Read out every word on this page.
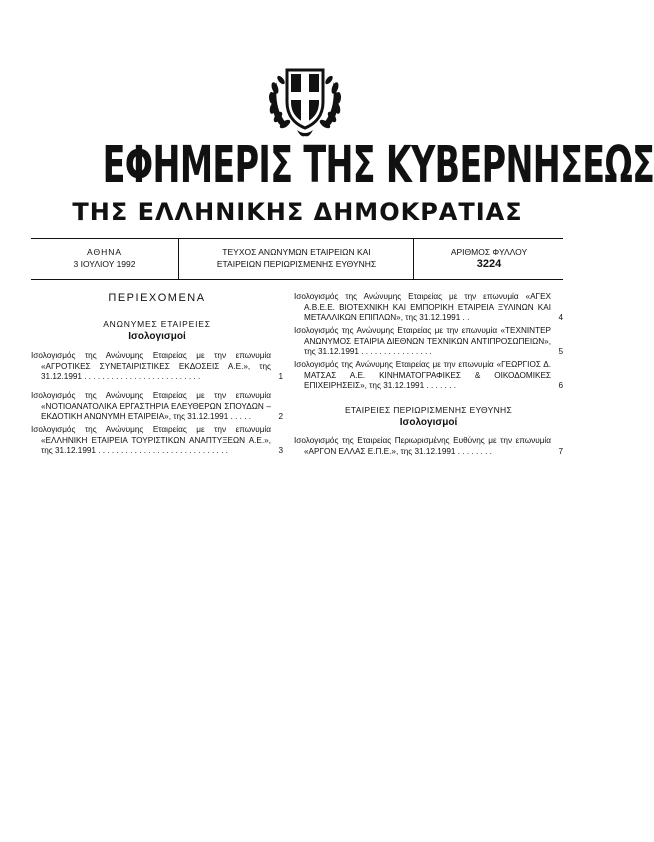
ΕΦΗΜΕΡΙΣ ΤΗΣ ΚΥΒΕΡΝΗΣΕΩΣ
ΤΗΣ ΕΛΛΗΝΙΚΗΣ ΔΗΜΟΚΡΑΤΙΑΣ
ΑΘΗΝΑ
3 ΙΟΥΛΙΟΥ 1992
ΤΕΥΧΟΣ ΑΝΩΝΥΜΩΝ ΕΤΑΙΡΕΙΩΝ ΚΑΙ
ΕΤΑΙΡΕΙΩΝ ΠΕΡΙΩΡΙΣΜΕΝΗΣ ΕΥΘΥΝΗΣ
ΑΡΙΘΜΟΣ ΦΥΛΛΟΥ
3224
ΠΕΡΙΕΧΟΜΕΝΑ
ΑΝΩΝΥΜΕΣ ΕΤΑΙΡΕΙΕΣ
Ισολογισμοί
Ισολογισμός της Ανώνυμης Εταιρείας με την επωνυμία «ΑΓΡΟΤΙΚΕΣ ΣΥΝΕΤΑΙΡΙΣΤΙΚΕΣ ΕΚΔΟΣΕΙΣ Α.Ε.», της 31.12.1991 . . . . . . . . . . . . . . . . . . . . . . . . . .	1
Ισολογισμός της Ανώνυμης Εταιρείας με την επωνυμία «ΝΟΤΙΟΑΝΑΤΟΛΙΚΑ ΕΡΓΑΣΤΗΡΙΑ ΕΛΕΥΘΕΡΩΝ ΣΠΟΥΔΩΝ – ΕΚΔΟΤΙΚΗ ΑΝΩΝΥΜΗ ΕΤΑΙΡΕΙΑ», της 31.12.1991 . . . . .	2
Ισολογισμός της Ανώνυμης Εταιρείας με την επωνυμία «ΕΛΛΗΝΙΚΗ ΕΤΑΙΡΕΙΑ ΤΟΥΡΙΣΤΙΚΩΝ ΑΝΑΠΤΥΞΕΩΝ Α.Ε.», της 31.12.1991 . . . . . . . . . . . . . . . . . . . . . . . . . . . . .	3
Ισολογισμός της Ανώνυμης Εταιρείας με την επωνυμία «ΑΓΕΧ Α.Β.Ε.Ε. ΒΙΟΤΕΧΝΙΚΗ ΚΑΙ ΕΜΠΟΡΙΚΗ ΕΤΑΙΡΕΙΑ ΞΥΛΙΝΩΝ ΚΑΙ ΜΕΤΑΛΛΙΚΩΝ ΕΠΙΠΛΩΝ», της 31.12.1991 . .	4
Ισολογισμός της Ανώνυμης Εταιρείας με την επωνυμία «ΤΕΧΝΙΝΤΕΡ ΑΝΩΝΥΜΟΣ ΕΤΑΙΡΙΑ ΔΙΕΘΝΩΝ ΤΕΧΝΙΚΩΝ ΑΝΤΙΠΡΟΣΩΠΕΙΩΝ», της 31.12.1991 . . . . . . . . . . . . . . . .	5
Ισολογισμός της Ανώνυμης Εταιρείας με την επωνυμία «ΓΕΩΡΓΙΟΣ Δ. ΜΑΤΣΑΣ Α.Ε. ΚΙΝΗΜΑΤΟΓΡΑΦΙΚΕΣ & ΟΙΚΟΔΟΜΙΚΕΣ ΕΠΙΧΕΙΡΗΣΕΙΣ», της 31.12.1991 . . . . . . .	6
ΕΤΑΙΡΕΙΕΣ ΠΕΡΙΩΡΙΣΜΕΝΗΣ ΕΥΘΥΝΗΣ
Ισολογισμοί
Ισολογισμός της Εταιρείας Περιωρισμένης Ευθύνης με την επωνυμία «ΑΡΓΟΝ ΕΛΛΑΣ Ε.Π.Ε.», της 31.12.1991 . . . . . . . .	7
